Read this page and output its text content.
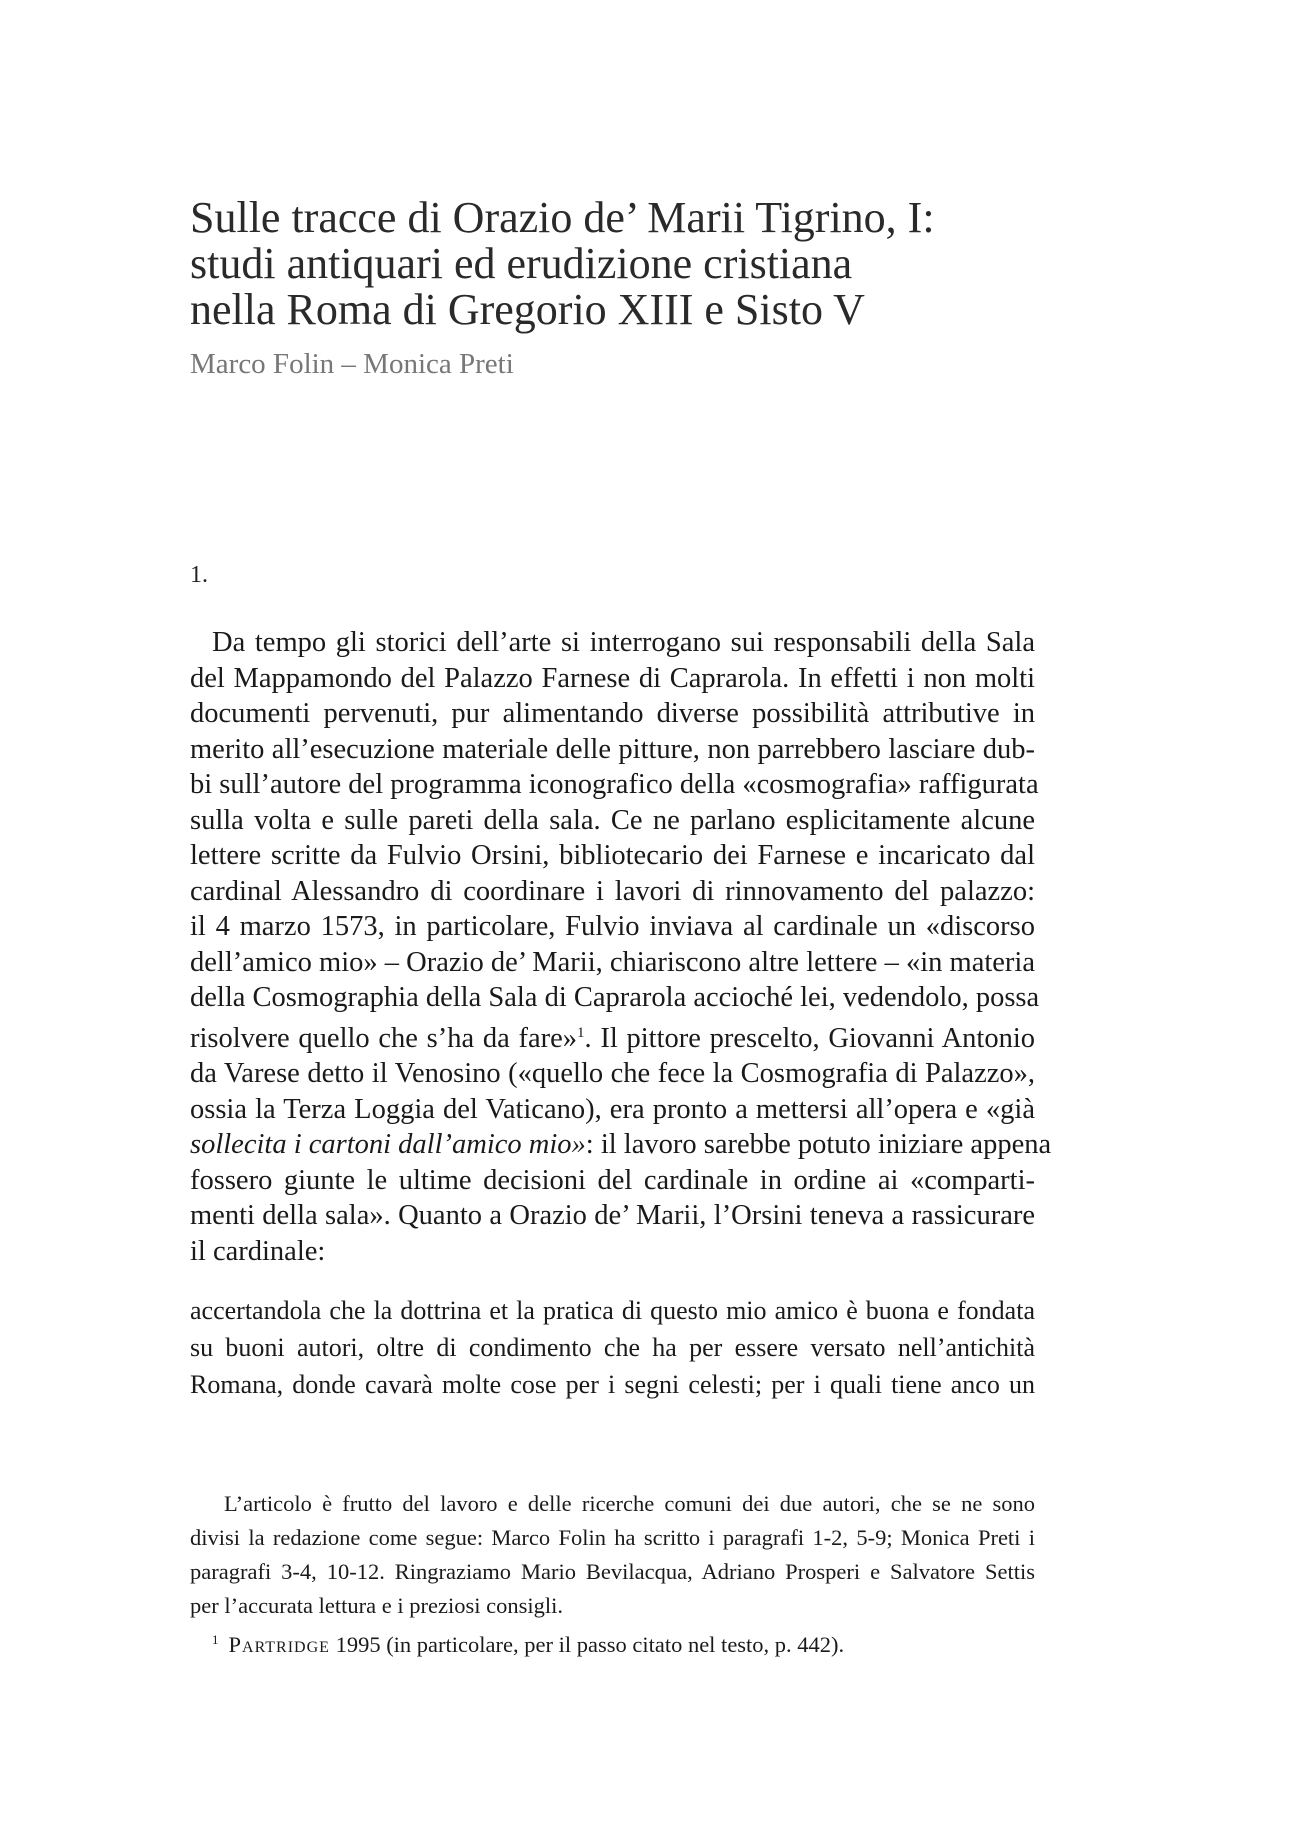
Sulle tracce di Orazio de’ Marii Tigrino, I:
studi antiquari ed erudizione cristiana
nella Roma di Gregorio XIII e Sisto V

Marco Folin – Monica Preti

1.

Da tempo gli storici dell’arte si interrogano sui responsabili della Sala
del Mappamondo del Palazzo Farnese di Caprarola. In effetti i non molti
documenti pervenuti, pur alimentando diverse possibilità attributive in
merito all’esecuzione materiale delle pitture, non parrebbero lasciare dub-
bi sull’autore del programma iconografico della «cosmografia» raffigurata
sulla volta e sulle pareti della sala. Ce ne parlano esplicitamente alcune
lettere scritte da Fulvio Orsini, bibliotecario dei Farnese e incaricato dal
cardinal Alessandro di coordinare i lavori di rinnovamento del palazzo:
il 4 marzo 1573, in particolare, Fulvio inviava al cardinale un «discorso
dell’amico mio» – Orazio de’ Marii, chiariscono altre lettere – «in materia
della Cosmographia della Sala di Caprarola accioché lei, vedendolo, possa
risolvere quello che s’ha da fare»$^1$. Il pittore prescelto, Giovanni Antonio
da Varese detto il Venosino («quello che fece la Cosmografia di Palazzo»,
ossia la Terza Loggia del Vaticano), era pronto a mettersi all’opera e «già
sollecita i cartoni dall’amico mio»: il lavoro sarebbe potuto iniziare appena
fossero giunte le ultime decisioni del cardinale in ordine ai «comparti-
menti della sala». Quanto a Orazio de’ Marii, l’Orsini teneva a rassicurare
il cardinale:
accertandola che la dottrina et la pratica di questo mio amico è buona e fondata
su buoni autori, oltre di condimento che ha per essere versato nell’antichità
Romana, donde cavarà molte cose per i segni celesti; per i quali tiene anco un
L’articolo è frutto del lavoro e delle ricerche comuni dei due autori, che se ne sono
divisi la redazione come segue: Marco Folin ha scritto i paragrafi 1-2, 5-9; Monica Preti i
paragrafi 3-4, 10-12. Ringraziamo Mario Bevilacqua, Adriano Prosperi e Salvatore Settis
per l’accurata lettura e i preziosi consigli.
$^1$ Partridge 1995 (in particolare, per il passo citato nel testo, p. 442).
